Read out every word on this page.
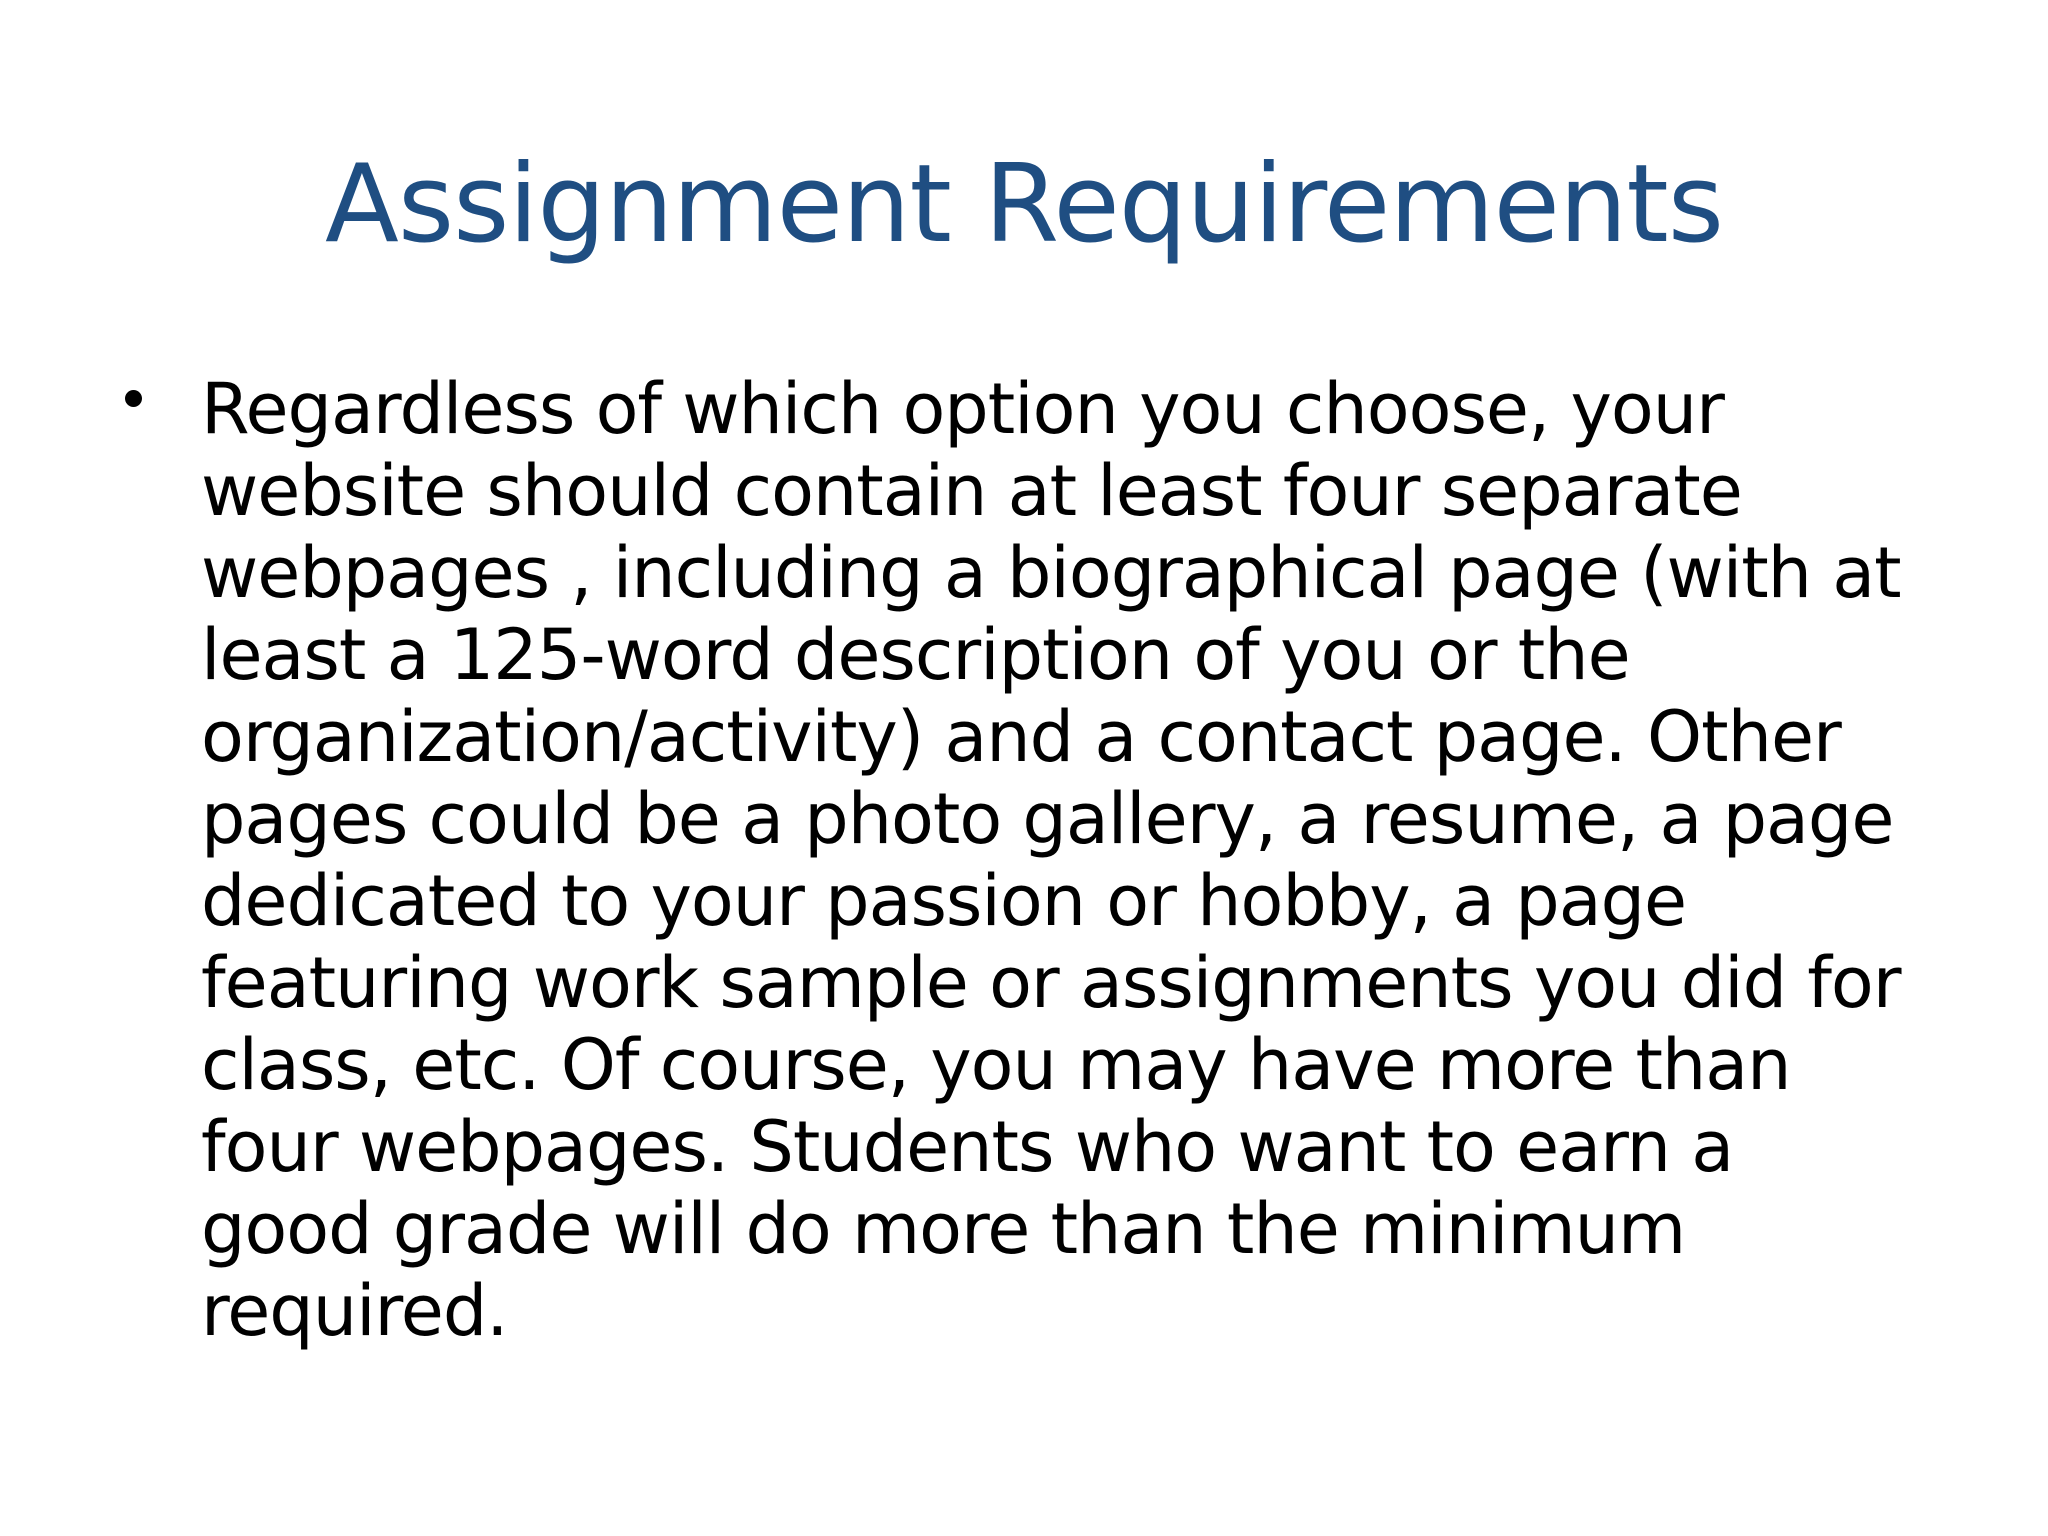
Assignment Requirements
Regardless of which option you choose, your
website should contain at least four separate
webpages , including a biographical page (with at
least a 125-word description of you or the
organization/activity) and a contact page. Other
pages could be a photo gallery, a resume, a page
dedicated to your passion or hobby, a page
featuring work sample or assignments you did for
class, etc. Of course, you may have more than
four webpages. Students who want to earn a
good grade will do more than the minimum
required.
